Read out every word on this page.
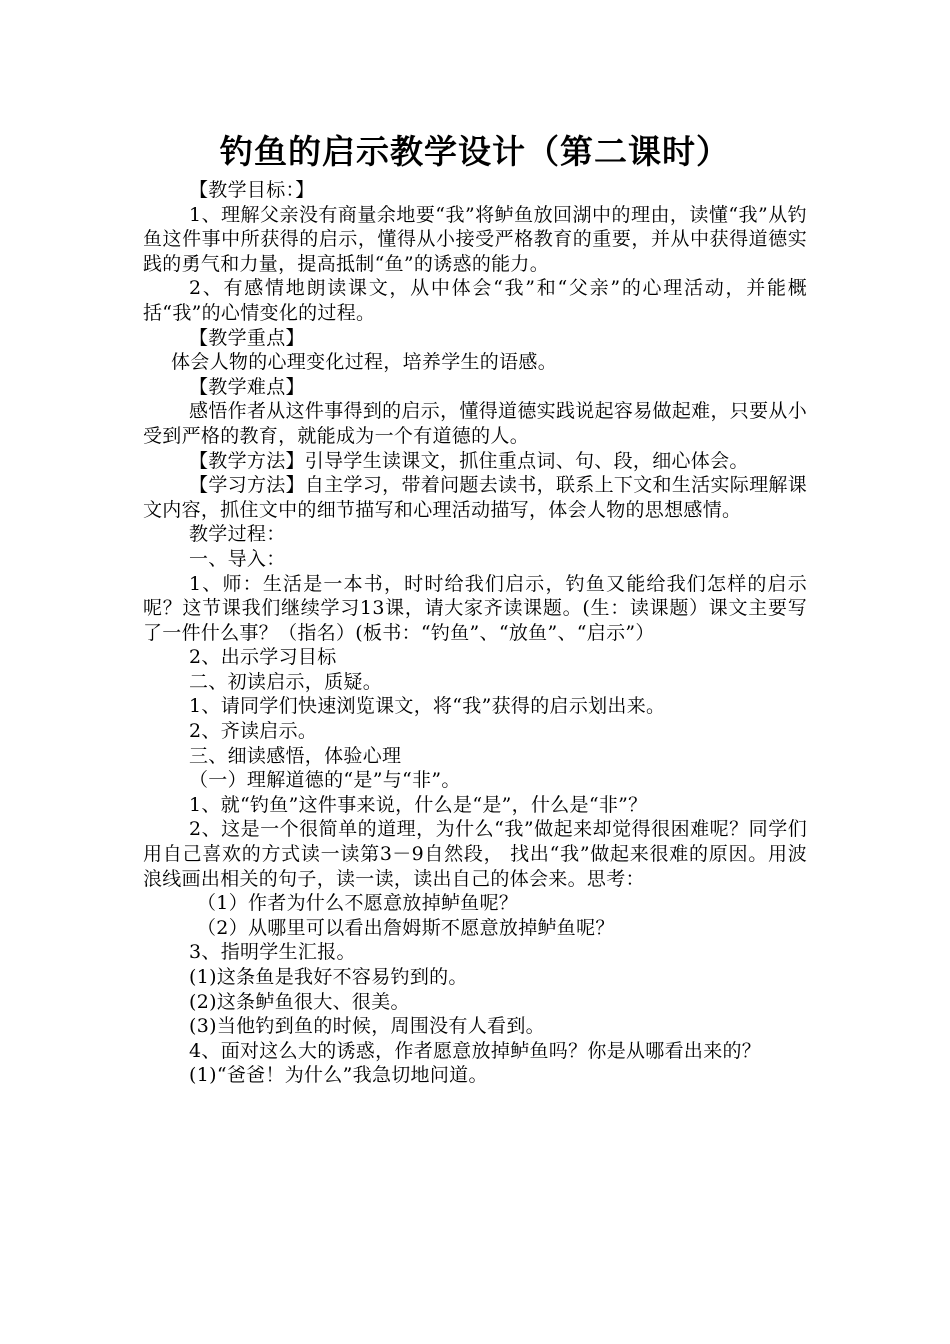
钓鱼的启示教学设计（第二课时）

【教学目标：】

1、理解父亲没有商量余地要“我”将鲈鱼放回湖中的理由，读懂“我”从钓鱼这件事中所获得的启示，懂得从小接受严格教育的重要，并从中获得道德实践的勇气和力量，提高抵制“鱼”的诱惑的能力。

2、有感情地朗读课文，从中体会“我”和“父亲”的心理活动，并能概括“我”的心情变化的过程。

【教学重点】

体会人物的心理变化过程，培养学生的语感。

【教学难点】

感悟作者从这件事得到的启示，懂得道德实践说起容易做起难，只要从小受到严格的教育，就能成为一个有道德的人。

【教学方法】引导学生读课文，抓住重点词、句、段，细心体会。

【学习方法】自主学习，带着问题去读书，联系上下文和生活实际理解课文内容，抓住文中的细节描写和心理活动描写，体会人物的思想感情。

教学过程：

一、导入：

1、师：生活是一本书，时时给我们启示，钓鱼又能给我们怎样的启示呢？这节课我们继续学习13课，请大家齐读课题。(生：读课题）课文主要写了一件什么事？（指名）(板书：“钓鱼”、“放鱼”、“启示”）

2、出示学习目标

二、初读启示，质疑。

1、请同学们快速浏览课文，将“我”获得的启示划出来。

2、齐读启示。

三、细读感悟，体验心理

（一）理解道德的“是”与“非”。

1、就“钓鱼”这件事来说，什么是“是”，什么是“非”？

2、这是一个很简单的道理，为什么“我”做起来却觉得很困难呢？同学们用自己喜欢的方式读一读第3－9自然段， 找出“我”做起来很难的原因。用波浪线画出相关的句子，读一读，读出自己的体会来。思考：

（1）作者为什么不愿意放掉鲈鱼呢？

（2）从哪里可以看出詹姆斯不愿意放掉鲈鱼呢？

3、指明学生汇报。

(1)这条鱼是我好不容易钓到的。

(2)这条鲈鱼很大、很美。

(3)当他钓到鱼的时候，周围没有人看到。

4、面对这么大的诱惑，作者愿意放掉鲈鱼吗？你是从哪看出来的？

(1)“爸爸！为什么”我急切地问道。
